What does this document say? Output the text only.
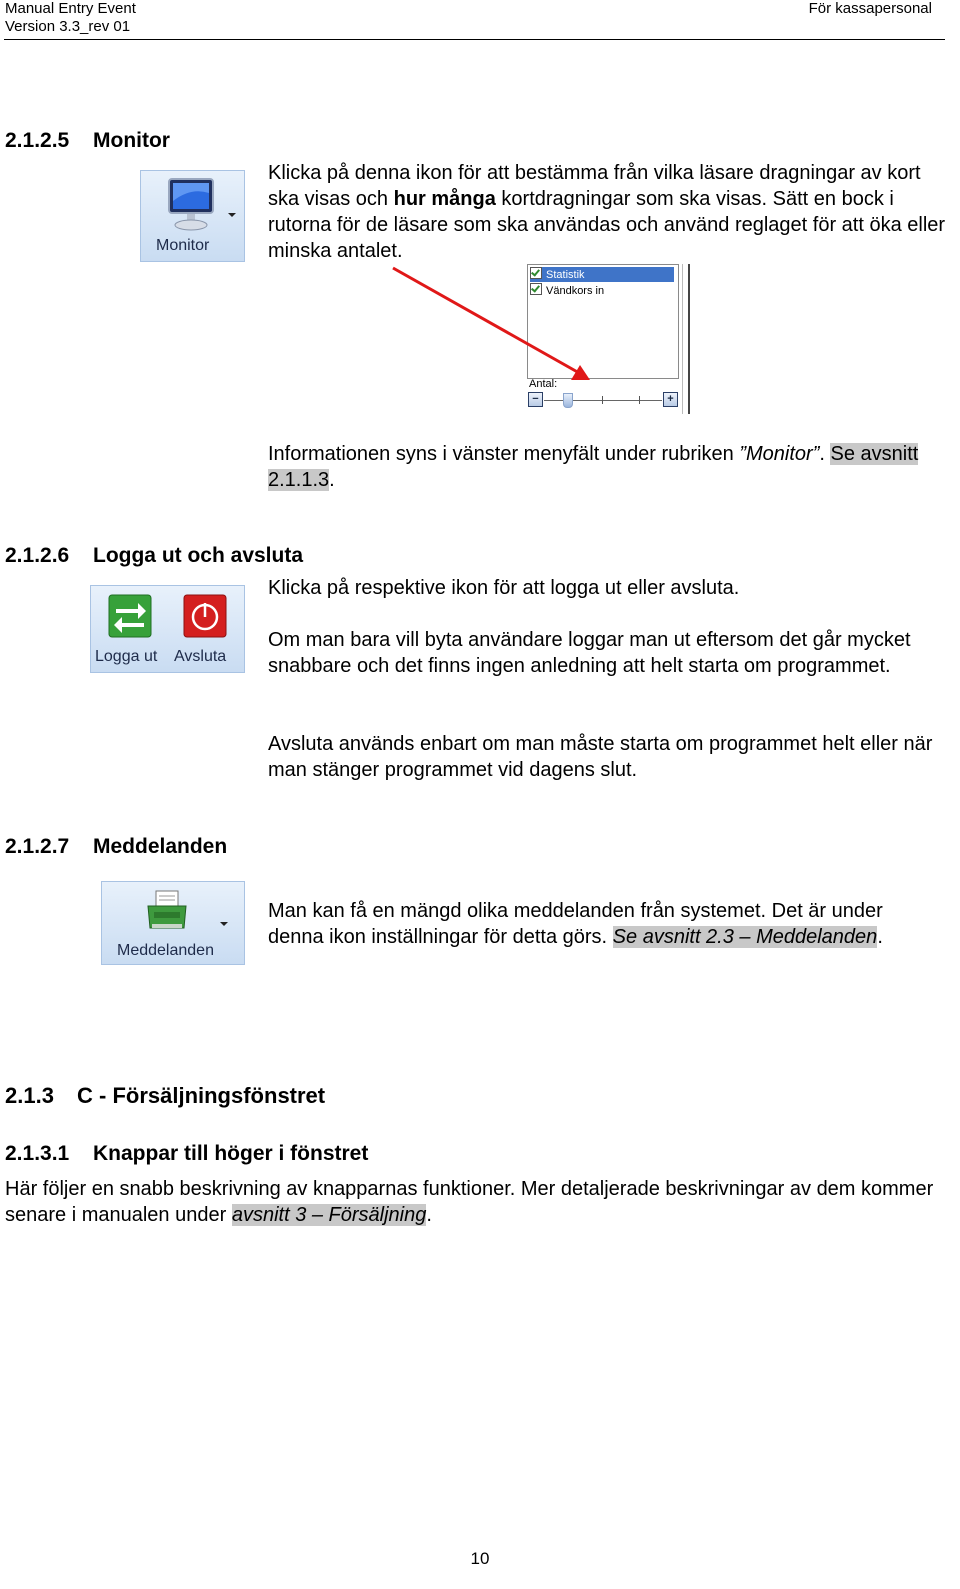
Manual Entry Event
Version 3.3_rev 01
För kassapersonal
2.1.2.5 Monitor
Monitor
Klicka på denna ikon för att bestämma från vilka läsare dragningar av kort ska visas och hur många kortdragningar som ska visas. Sätt en bock i rutorna för de läsare som ska användas och använd reglaget för att öka eller minska antalet.
Statistik
Vändkors in
Antal:
−	+
Informationen syns i vänster menyfält under rubriken ”Monitor”. Se avsnitt 2.1.1.3.
2.1.2.6 Logga ut och avsluta
Logga ut Avsluta
Klicka på respektive ikon för att logga ut eller avsluta.
Om man bara vill byta användare loggar man ut eftersom det går mycket snabbare och det finns ingen anledning att helt starta om programmet.
Avsluta används enbart om man måste starta om programmet helt eller när man stänger programmet vid dagens slut.
2.1.2.7 Meddelanden
Meddelanden
Man kan få en mängd olika meddelanden från systemet. Det är under denna ikon inställningar för detta görs. Se avsnitt 2.3 – Meddelanden.
2.1.3 C - Försäljningsfönstret
2.1.3.1 Knappar till höger i fönstret
Här följer en snabb beskrivning av knapparnas funktioner. Mer detaljerade beskrivningar av dem kommer senare i manualen under avsnitt 3 – Försäljning.
10
